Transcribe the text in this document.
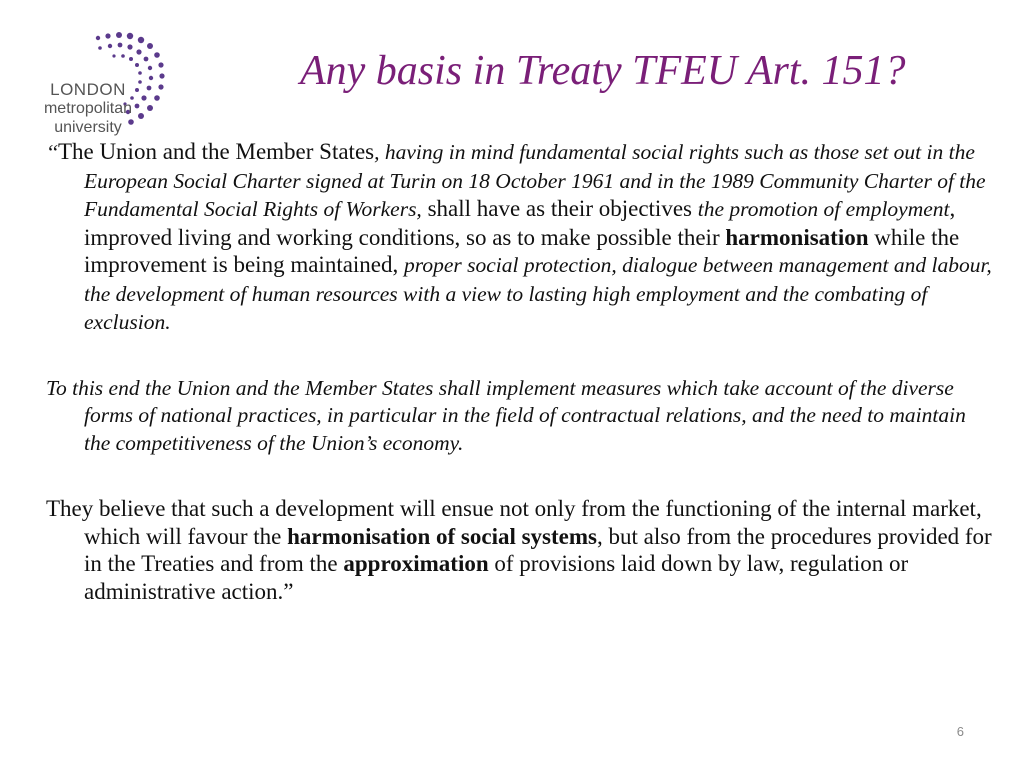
LONDON
metropolitan
university
Any basis in Treaty TFEU Art. 151?

‘‘The Union and the Member States, having in mind fundamental social rights such as those set out in the European Social Charter signed at Turin on 18 October 1961 and in the 1989 Community Charter of the Fundamental Social Rights of Workers, shall have as their objectives the promotion of employment, improved living and working conditions, so as to make possible their harmonisation while the improvement is being maintained, proper social protection, dialogue between management and labour, the development of human resources with a view to lasting high employment and the combating of exclusion.

To this end the Union and the Member States shall implement measures which take account of the diverse forms of national practices, in particular in the field of contractual relations, and the need to maintain the competitiveness of the Union’s economy.

They believe that such a development will ensue not only from the functioning of the internal market, which will favour the harmonisation of social systems, but also from the procedures provided for in the Treaties and from the approximation of provisions laid down by law, regulation or administrative action.”

6
